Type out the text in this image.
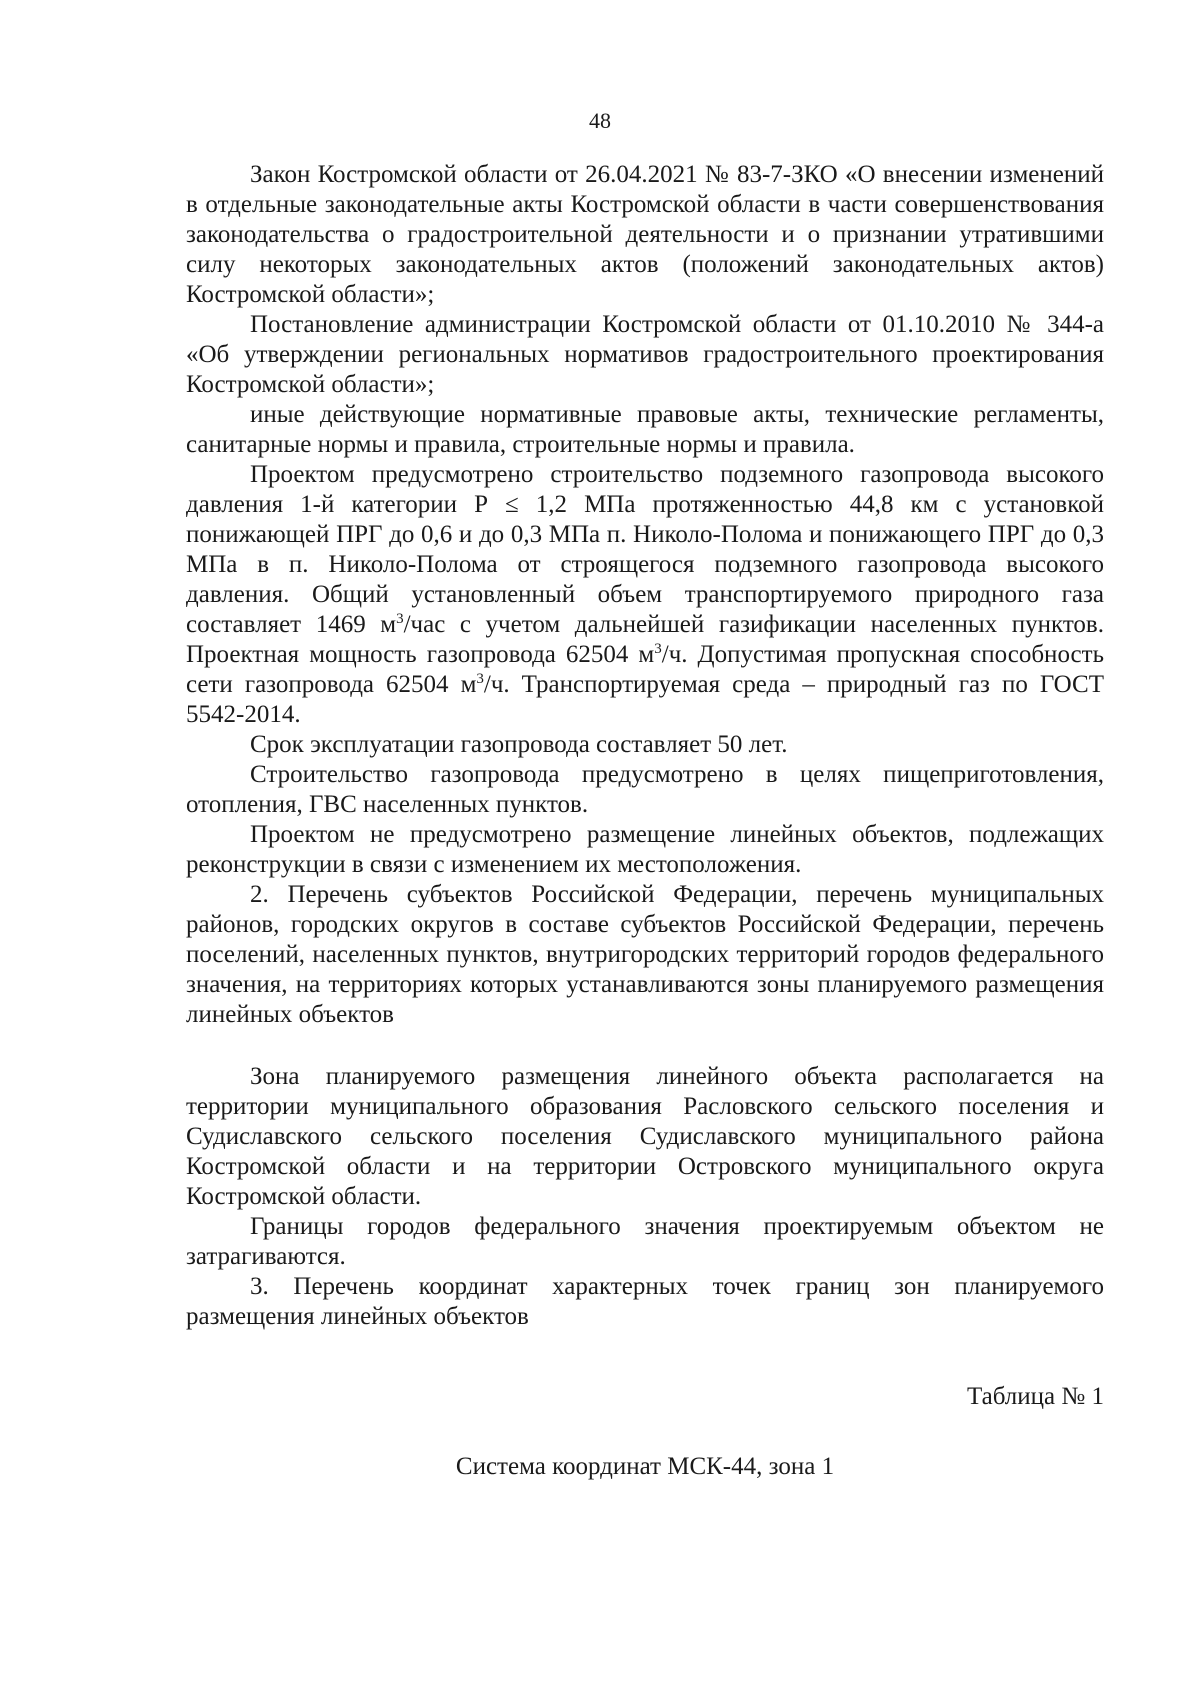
48

Закон Костромской области от 26.04.2021 № 83-7-ЗКО «О внесении изменений в отдельные законодательные акты Костромской области в части совершенствования законодательства о градостроительной деятельности и о признании утратившими силу некоторых законодательных актов (положений законодательных актов) Костромской области»;

Постановление администрации Костромской области от 01.10.2010 № 344-а «Об утверждении региональных нормативов градостроительного проектирования Костромской области»;

иные действующие нормативные правовые акты, технические регламенты, санитарные нормы и правила, строительные нормы и правила.

Проектом предусмотрено строительство подземного газопровода высокого давления 1-й категории Р ≤ 1,2 МПа протяженностью 44,8 км с установкой понижающей ПРГ до 0,6 и до 0,3 МПа п. Николо-Полома и понижающего ПРГ до 0,3 МПа в п. Николо-Полома от строящегося подземного газопровода высокого давления. Общий установленный объем транспортируемого природного газа составляет 1469 $м^3$/час с учетом дальнейшей газификации населенных пунктов. Проектная мощность газопровода 62504 $м^3/ч$. Допустимая пропускная способность сети газопровода 62504 $м^3/ч$. Транспортируемая среда – природный газ по ГОСТ 5542-2014.

Срок эксплуатации газопровода составляет 50 лет.

Строительство газопровода предусмотрено в целях пищеприготовления, отопления, ГВС населенных пунктов.

Проектом не предусмотрено размещение линейных объектов, подлежащих реконструкции в связи с изменением их местоположения.

2. Перечень субъектов Российской Федерации, перечень муниципальных районов, городских округов в составе субъектов Российской Федерации, перечень поселений, населенных пунктов, внутригородских территорий городов федерального значения, на территориях которых устанавливаются зоны планируемого размещения линейных объектов

Зона планируемого размещения линейного объекта располагается на территории муниципального образования Расловского сельского поселения и Судиславского сельского поселения Судиславского муниципального района Костромской области и на территории Островского муниципального округа Костромской области.

Границы городов федерального значения проектируемым объектом не затрагиваются.

3. Перечень координат характерных точек границ зон планируемого размещения линейных объектов

Таблица № 1

Система координат МСК-44, зона 1
